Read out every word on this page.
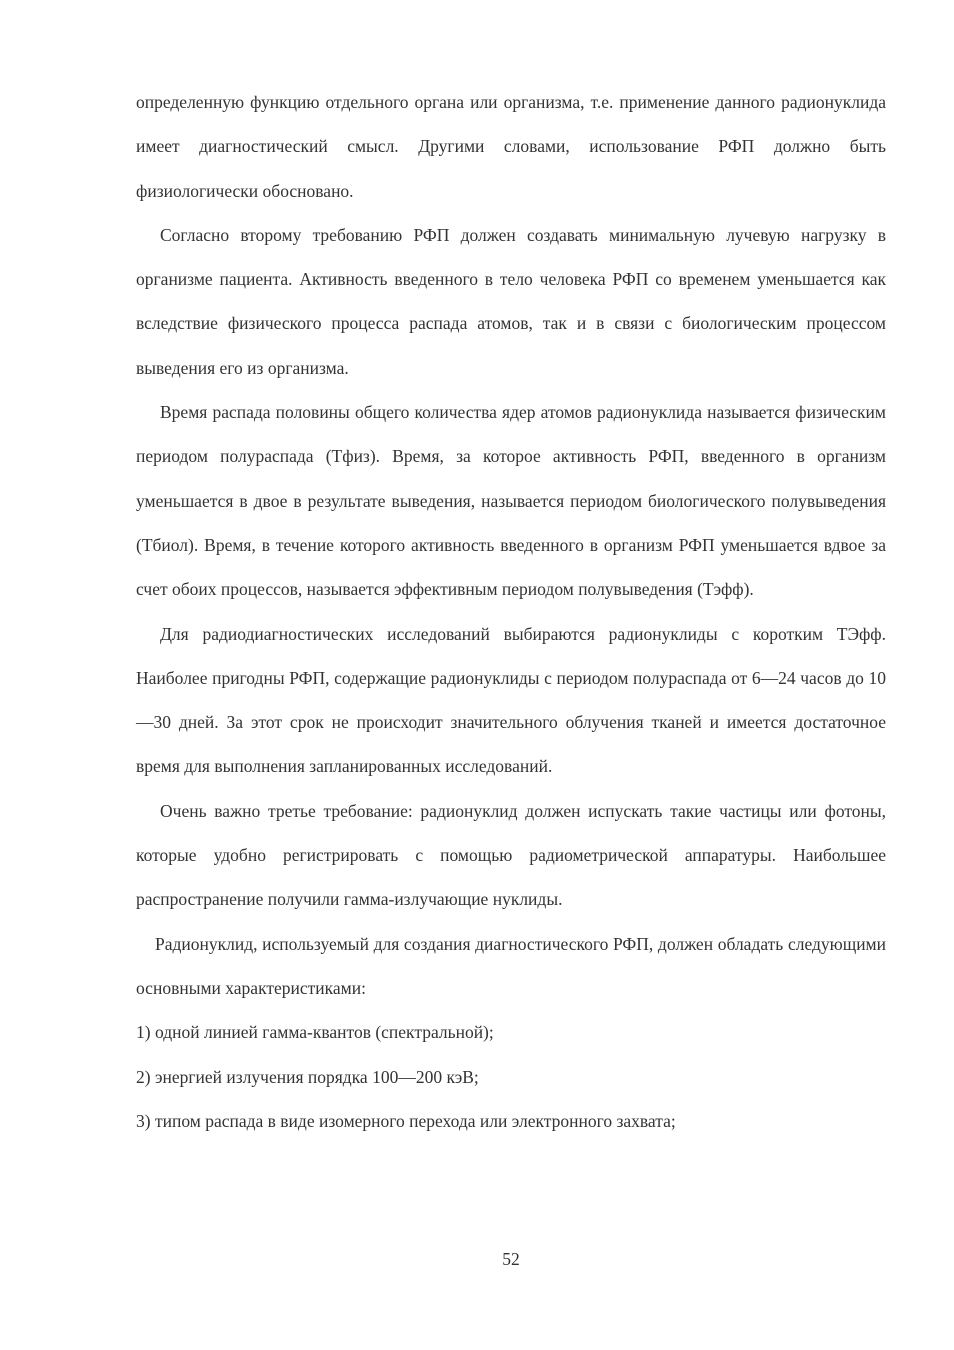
определенную функцию отдельного органа или организма, т.е. применение данного радионуклида имеет диагностический смысл. Другими словами, использование РФП должно быть физиологически обосновано.

Согласно второму требованию РФП должен создавать минимальную лучевую нагрузку в организме пациента. Активность введенного в тело человека РФП со временем уменьшается как вследствие физического процесса распада атомов, так и в связи с биологическим процессом выведения его из организма.

Время распада половины общего количества ядер атомов радионуклида называется физическим периодом полураспада (Тфиз). Время, за которое активность РФП, введенного в организм уменьшается в двое в результате выведения, называется периодом биологического полувыведения (Тбиол). Время, в течение которого активность введенного в организм РФП уменьшается вдвое за счет обоих процессов, называется эффективным периодом полувыведения (Тэфф).

Для радиодиагностических исследований выбираются радионуклиды с коротким ТЭфф. Наиболее пригодны РФП, содержащие радионуклиды с периодом полураспада от 6—24 часов до 10—30 дней. За этот срок не происходит значительного облучения тканей и имеется достаточное время для выполнения запланированных исследований.

Очень важно третье требование: радионуклид должен испускать такие частицы или фотоны, которые удобно регистрировать с помощью радиометрической аппаратуры. Наибольшее распространение получили гамма-излучающие нуклиды.

Радионуклид, используемый для создания диагностического РФП, должен обладать следующими основными характеристиками:

1) одной линией гамма-квантов (спектральной);

2) энергией излучения порядка 100—200 кэВ;

3) типом распада в виде изомерного перехода или электронного захвата;

52
